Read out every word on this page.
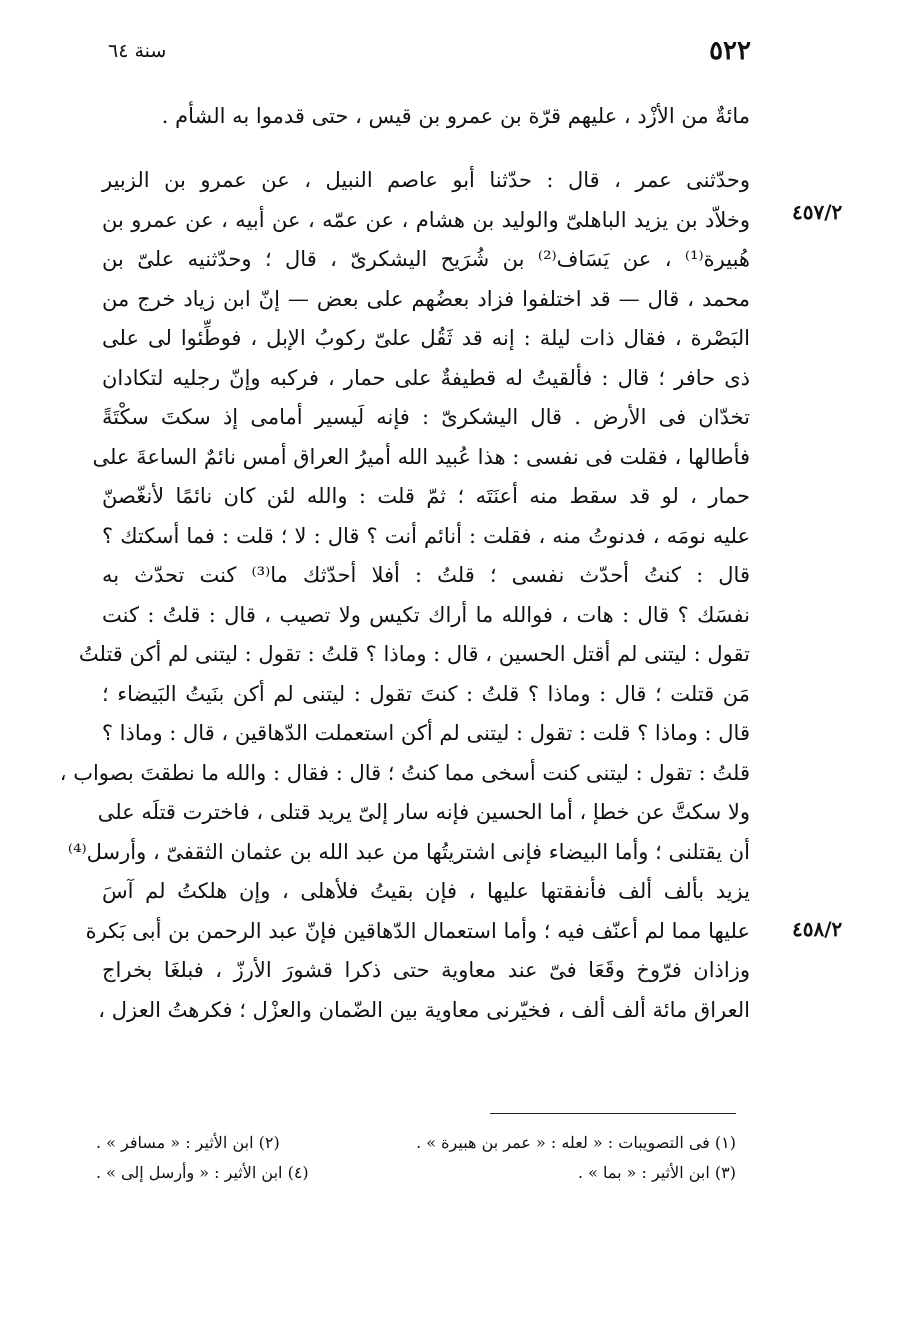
٥٢٢
سنة ٦٤
مائةٌ من الأزْد ، عليهم قرّة بن عمرو بن قيس ، حتى قدموا به الشأم .
٤٥٧/٢
٤٥٨/٢
وحدّثنى عمر ، قال : حدّثنا أبو عاصم النبيل ، عن عمرو بن الزبير
وخلاّد بن يزيد الباهلىّ والوليد بن هشام ، عن عمّه ، عن أبيه ، عن عمرو بن
هُبيرة⁽¹⁾ ، عن يَسَاف⁽²⁾ بن شُرَيح اليشكرىّ ، قال ؛ وحدّثنيه علىّ بن
محمد ، قال — قد اختلفوا فزاد بعضُهم على بعض — إنّ ابن زياد خرج من
البَصْرة ، فقال ذات ليلة : إنه قد ثَقُل علىّ ركوبُ الإبل ، فوطِّئوا لى على
ذى حافر ؛ قال : فألقيتُ له قطيفةٌ على حمار ، فركبه وإنّ رجليه لتكادان
تخدّان فى الأرض . قال اليشكرىّ : فإنه لَيسير أمامى إذ سكتَ سكْتَةً
فأطالها ، فقلت فى نفسى : هذا عُبيد الله أميرُ العراق أمس نائمٌ الساعةَ على
حمار ، لو قد سقط منه أعنَتَه ؛ ثمّ قلت : والله لئن كان نائمًا لأنغّصنّ
عليه نومَه ، فدنوتُ منه ، فقلت : أنائم أنت ؟ قال : لا ؛ قلت : فما أسكتك ؟
قال : كنتُ أحدّث نفسى ؛ قلتُ : أفلا أحدّثك ما⁽³⁾ كنت تحدّث به
نفسَك ؟ قال : هات ، فوالله ما أراك تكيس ولا تصيب ، قال : قلتُ : كنت
تقول : ليتنى لم أقتل الحسين ، قال : وماذا ؟ قلتُ : تقول : ليتنى لم أكن قتلتُ
مَن قتلت ؛ قال : وماذا ؟ قلتُ : كنتَ تقول : ليتنى لم أكن بنَيتُ البَيضاء ؛
قال : وماذا ؟ قلت : تقول : ليتنى لم أكن استعملت الدّهاقين ، قال : وماذا ؟
قلتُ : تقول : ليتنى كنت أسخى مما كنتُ ؛ قال : فقال : والله ما نطقتَ بصواب ،
ولا سكتَّ عن خطإ ، أما الحسين فإنه سار إلىّ يريد قتلى ، فاخترت قتلَه على
أن يقتلنى ؛ وأما البيضاء فإنى اشتريتُها من عبد الله بن عثمان الثقفىّ ، وأرسل⁽⁴⁾
يزيد بألف ألف فأنفقتها عليها ، فإن بقيتُ فلأهلى ، وإن هلكتُ لم آسَ
عليها مما لم أعنّف فيه ؛ وأما استعمال الدّهاقين فإنّ عبد الرحمن بن أبى بَكرة
وزاذان فرّوخ وقَعَا فىّ عند معاوية حتى ذكرا قشورَ الأرزّ ، فبلغَا بخراج
العراق مائة ألف ألف ، فخيّرنى معاوية بين الضّمان والعزْل ؛ فكرهتُ العزل ،
(١) فى التصويبات : « لعله : « عمر بن هبيرة » .
(٢) ابن الأثير : « مسافر » .
(٣) ابن الأثير : « بما » .
(٤) ابن الأثير : « وأرسل إلى » .
